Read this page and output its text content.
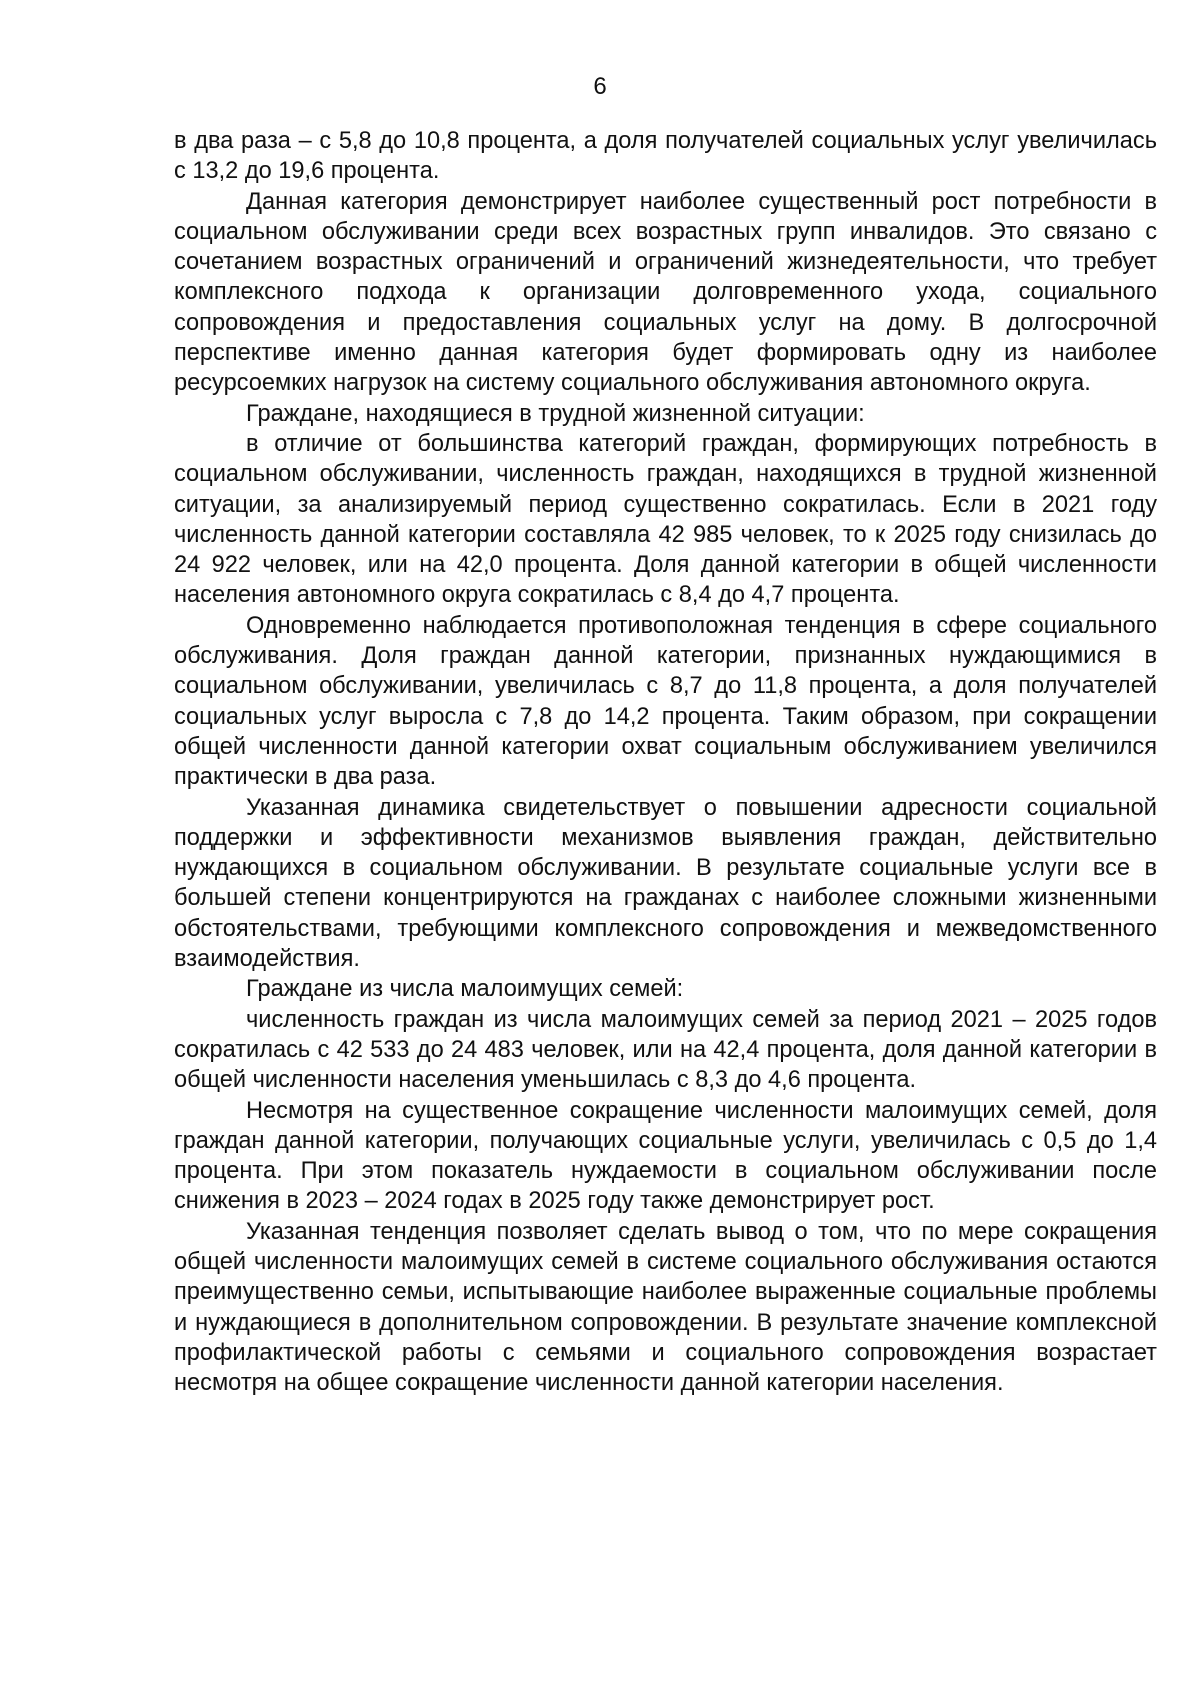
6

в два раза – с 5,8 до 10,8 процента, а доля получателей социальных услуг увеличилась с 13,2 до 19,6 процента.

Данная категория демонстрирует наиболее существенный рост потребности в социальном обслуживании среди всех возрастных групп инвалидов. Это связано с сочетанием возрастных ограничений и ограничений жизнедеятельности, что требует комплексного подхода к организации долговременного ухода, социального сопровождения и предоставления социальных услуг на дому. В долгосрочной перспективе именно данная категория будет формировать одну из наиболее ресурсоемких нагрузок на систему социального обслуживания автономного округа.

Граждане, находящиеся в трудной жизненной ситуации:

в отличие от большинства категорий граждан, формирующих потребность в социальном обслуживании, численность граждан, находящихся в трудной жизненной ситуации, за анализируемый период существенно сократилась. Если в 2021 году численность данной категории составляла 42 985 человек, то к 2025 году снизилась до 24 922 человек, или на 42,0 процента. Доля данной категории в общей численности населения автономного округа сократилась с 8,4 до 4,7 процента.

Одновременно наблюдается противоположная тенденция в сфере социального обслуживания. Доля граждан данной категории, признанных нуждающимися в социальном обслуживании, увеличилась с 8,7 до 11,8 процента, а доля получателей социальных услуг выросла с 7,8 до 14,2 процента. Таким образом, при сокращении общей численности данной категории охват социальным обслуживанием увеличился практически в два раза.

Указанная динамика свидетельствует о повышении адресности социальной поддержки и эффективности механизмов выявления граждан, действительно нуждающихся в социальном обслуживании. В результате социальные услуги все в большей степени концентрируются на гражданах с наиболее сложными жизненными обстоятельствами, требующими комплексного сопровождения и межведомственного взаимодействия.

Граждане из числа малоимущих семей:

численность граждан из числа малоимущих семей за период 2021 – 2025 годов сократилась с 42 533 до 24 483 человек, или на 42,4 процента, доля данной категории в общей численности населения уменьшилась с 8,3 до 4,6 процента.

Несмотря на существенное сокращение численности малоимущих семей, доля граждан данной категории, получающих социальные услуги, увеличилась с 0,5 до 1,4 процента. При этом показатель нуждаемости в социальном обслуживании после снижения в 2023 – 2024 годах в 2025 году также демонстрирует рост.

Указанная тенденция позволяет сделать вывод о том, что по мере сокращения общей численности малоимущих семей в системе социального обслуживания остаются преимущественно семьи, испытывающие наиболее выраженные социальные проблемы и нуждающиеся в дополнительном сопровождении. В результате значение комплексной профилактической работы с семьями и социального сопровождения возрастает несмотря на общее сокращение численности данной категории населения.
